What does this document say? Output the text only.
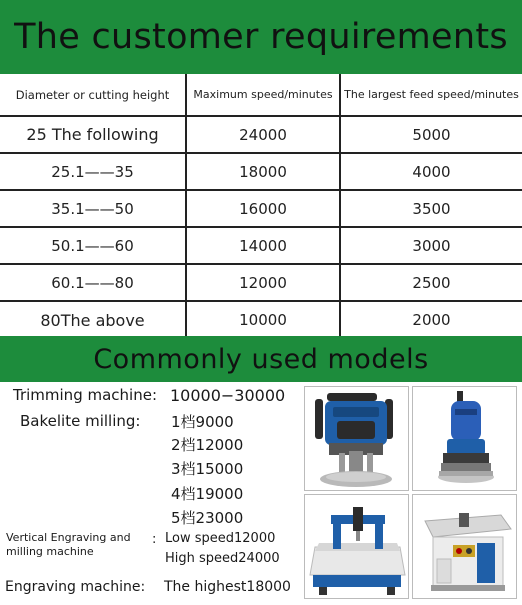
The customer requirements
Diameter or cutting height	Maximum speed/minutes	The largest feed speed/minutes
25 The following	24000	5000
25.1——35	18000	4000
35.1——50	16000	3500
50.1——60	14000	3000
60.1——80	12000	2500
80The above	10000	2000
Commonly used models
Trimming machine: 10000−30000
Bakelite milling: 1档9000
2档12000
3档15000
4档19000
5档23000
Vertical Engraving and
milling machine
: Low speed12000
High speed24000
Engraving machine: The highest18000
